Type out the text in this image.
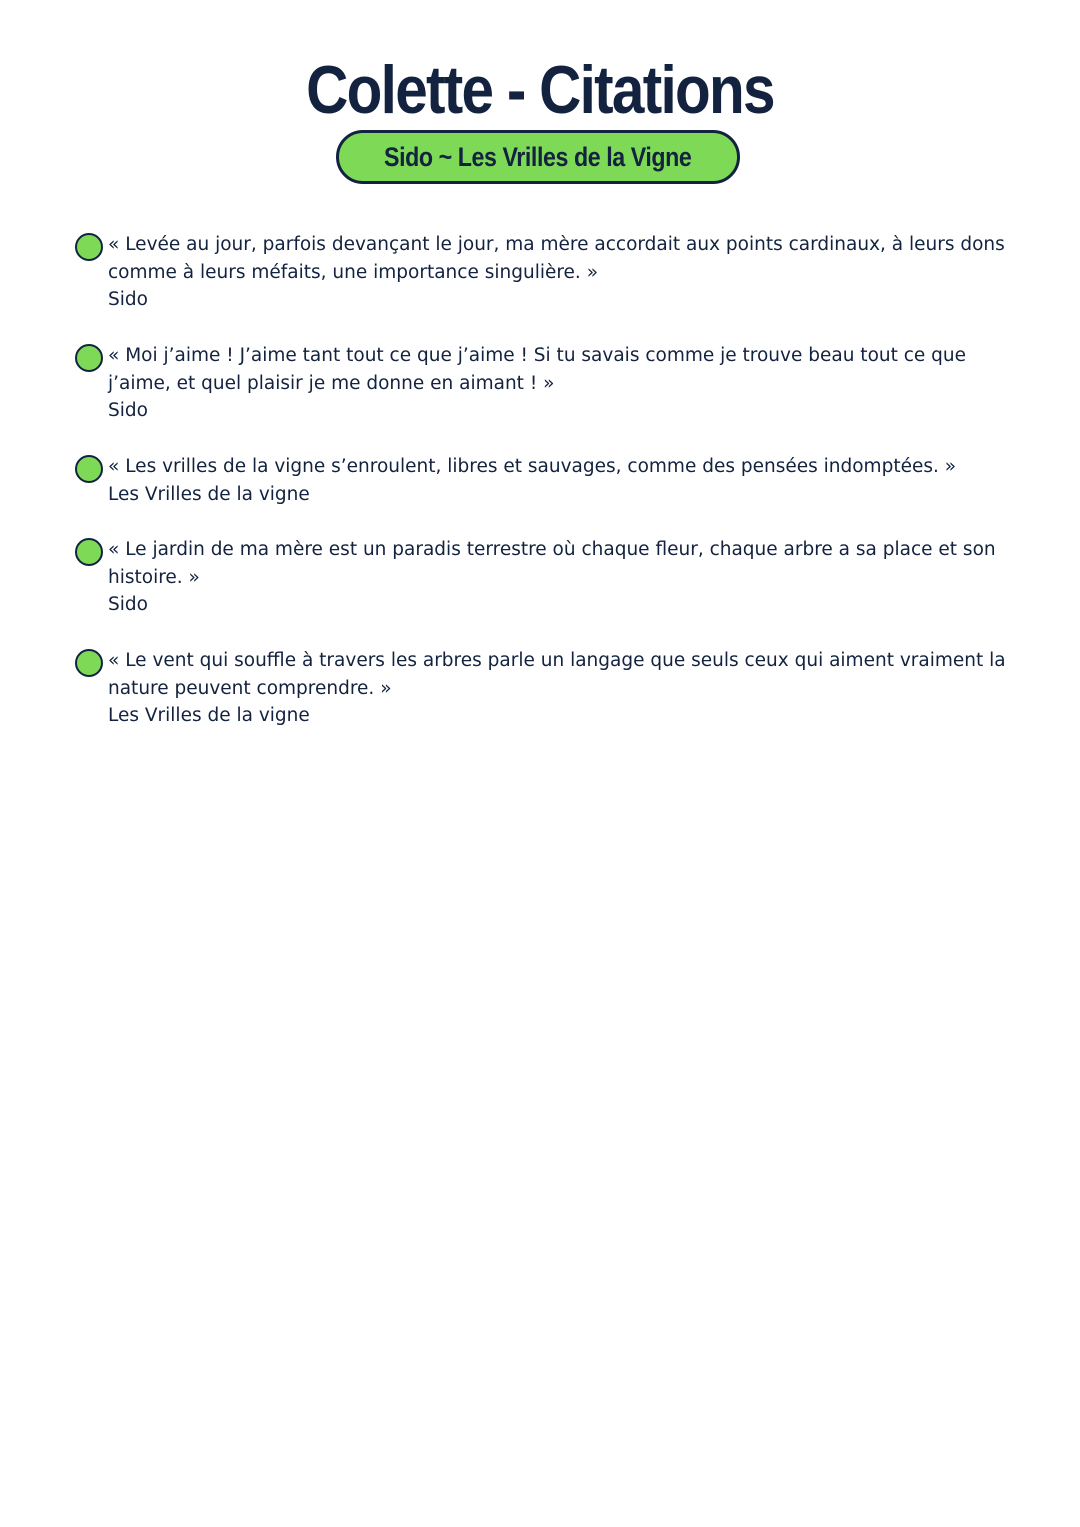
Colette - Citations
Sido ~ Les Vrilles de la Vigne

« Levée au jour, parfois devançant le jour, ma mère accordait aux points cardinaux, à leurs dons comme à leurs méfaits, une importance singulière. »
Sido

« Moi j’aime ! J’aime tant tout ce que j’aime ! Si tu savais comme je trouve beau tout ce que j’aime, et quel plaisir je me donne en aimant ! »
Sido

« Les vrilles de la vigne s’enroulent, libres et sauvages, comme des pensées indomptées. »
Les Vrilles de la vigne

« Le jardin de ma mère est un paradis terrestre où chaque fleur, chaque arbre a sa place et son histoire. »
Sido

« Le vent qui souffle à travers les arbres parle un langage que seuls ceux qui aiment vraiment la nature peuvent comprendre. »
Les Vrilles de la vigne
